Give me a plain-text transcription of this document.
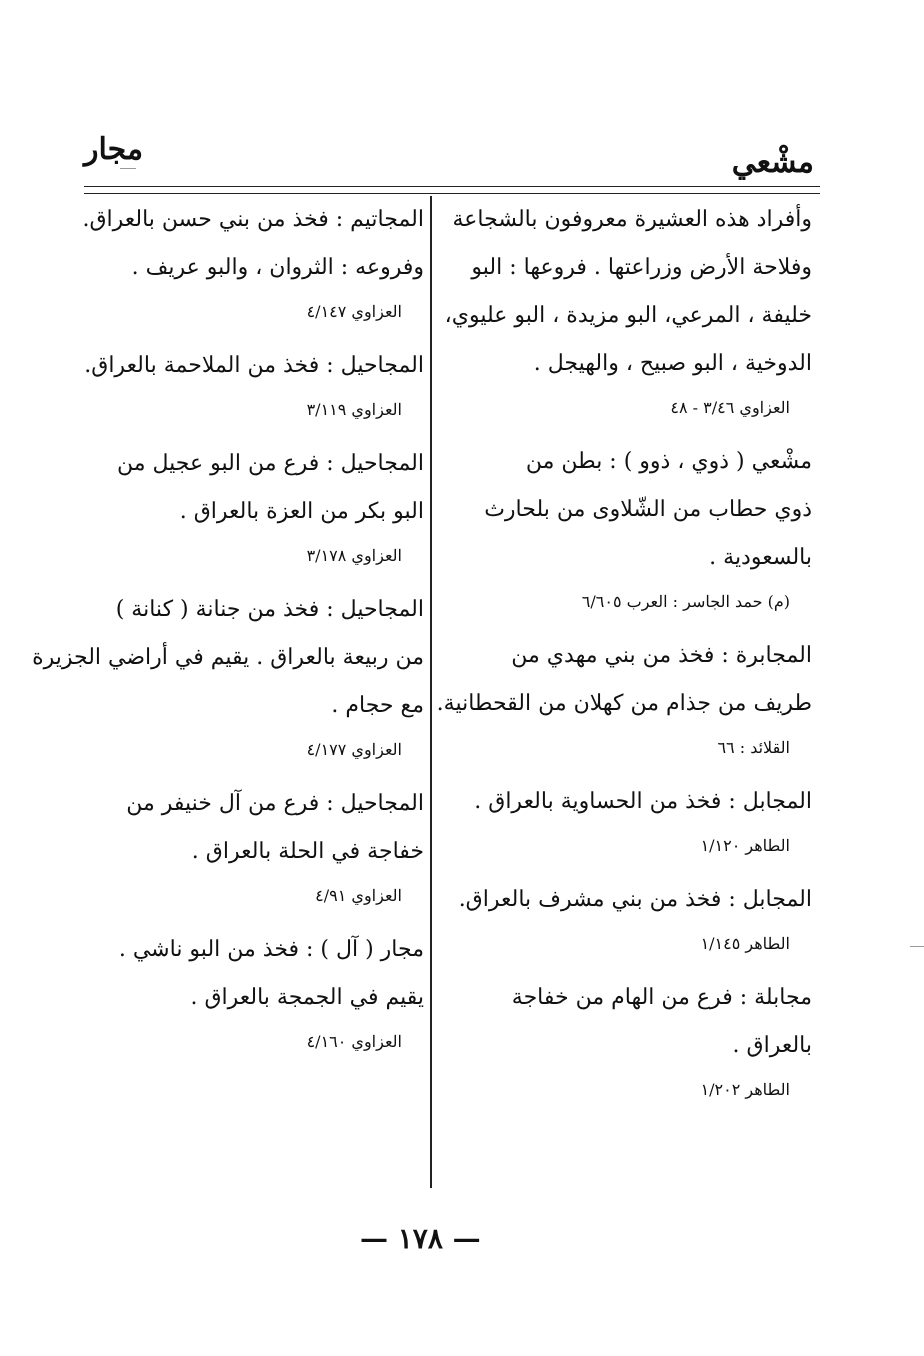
مجار	مشْعي
وأفراد هذه العشيرة معروفون بالشجاعة
وفلاحة الأرض وزراعتها . فروعها : البو
خليفة ، المرعي، البو مزيدة ، البو عليوي،
الدوخية ، البو صبيح ، والهيجل .
العزاوي ٣/٤٦ - ٤٨
مشْعي ( ذوي ، ذوو ) : بطن من
ذوي حطاب من الشّلاوى من بلحارث
بالسعودية .
(م) حمد الجاسر : العرب ٦/٦٠٥
المجابرة : فخذ من بني مهدي من
طريف من جذام من كهلان من القحطانية.
القلائد : ٦٦
المجابل : فخذ من الحساوية بالعراق .
الطاهر ١/١٢٠
المجابل : فخذ من بني مشرف بالعراق.
الطاهر ١/١٤٥
مجابلة : فرع من الهام من خفاجة
بالعراق .
الطاهر ١/٢٠٢
المجاتيم : فخذ من بني حسن بالعراق.
وفروعه : الثروان ، والبو عريف .
العزاوي ٤/١٤٧
المجاحيل : فخذ من الملاحمة بالعراق.
العزاوي ٣/١١٩
المجاحيل : فرع من البو عجيل من
البو بكر من العزة بالعراق .
العزاوي ٣/١٧٨
المجاحيل : فخذ من جنانة ( كنانة )
من ربيعة بالعراق . يقيم في أراضي الجزيرة
مع حجام .
العزاوي ٤/١٧٧
المجاحيل : فرع من آل خنيفر من
خفاجة في الحلة بالعراق .
العزاوي ٤/٩١
مجار ( آل ) : فخذ من البو ناشي .
يقيم في الجمجة بالعراق .
العزاوي ٤/١٦٠
— ١٧٨ —
